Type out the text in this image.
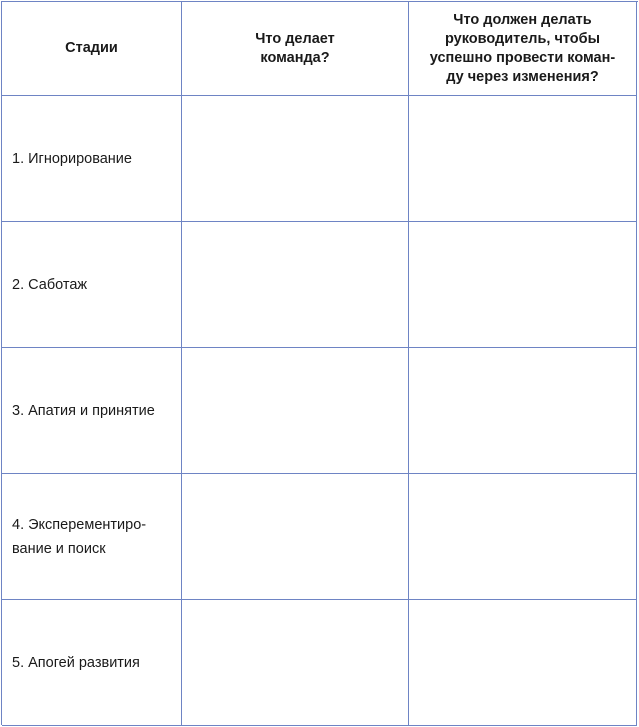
Стадии
Что делает
команда?
Что должен делать
руководитель, чтобы
успешно провести коман-
ду через изменения?
1. Игнорирование
2. Саботаж
3. Апатия и принятие
4. Эксперементиро-
вание и поиск
5. Апогей развития
